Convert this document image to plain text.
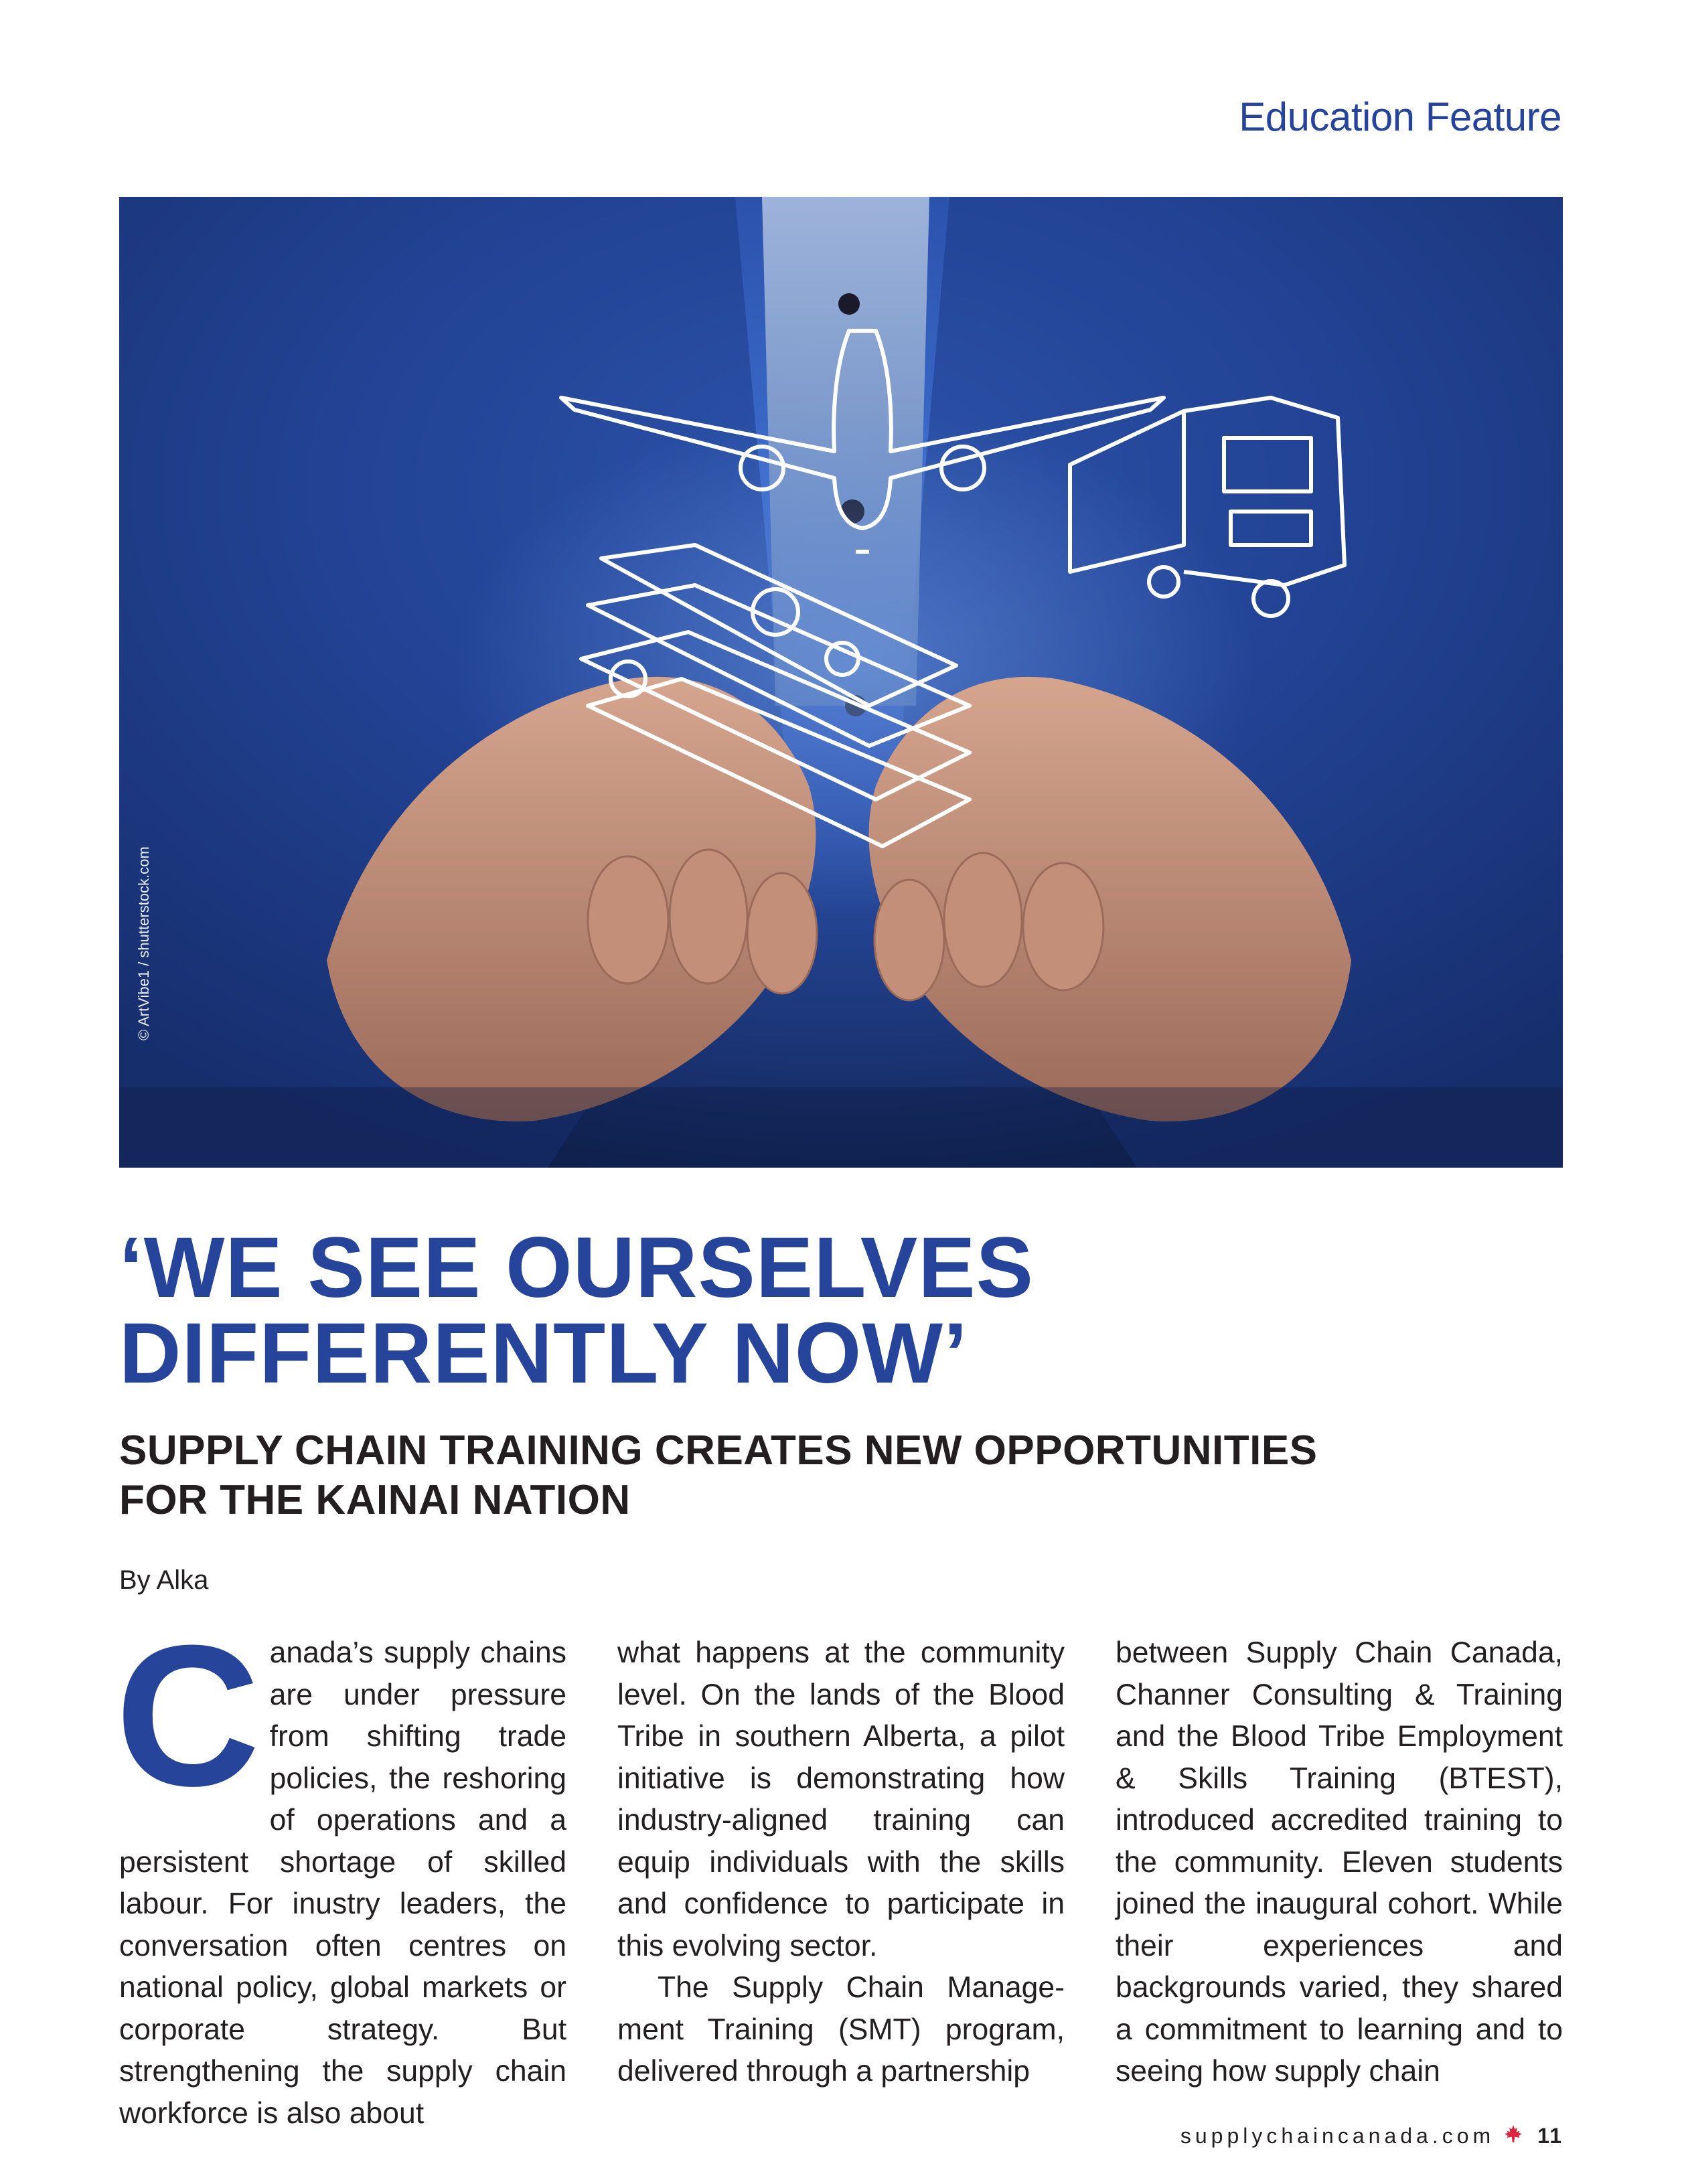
Education Feature
© ArtVibe1 / shutterstock.com
‘WE SEE OURSELVES
DIFFERENTLY NOW’
SUPPLY CHAIN TRAINING CREATES NEW OPPORTUNITIES
FOR THE KAINAI NATION
By Alka
C anada’s supply chains are under pressure from shifting trade policies, the reshoring of operations and a persistent shortage of skilled labour. For inustry leaders, the conversation often centres on national policy, global markets or corporate strategy. But strengthening the supply chain workforce is also about

what happens at the community level. On the lands of the Blood Tribe in southern Alberta, a pilot initiative is demonstrating how industry-aligned training can equip individuals with the skills and confidence to participate in this evolving sector.

The Supply Chain Management Training (SMT) program, delivered through a partnership

between Supply Chain Canada, Channer Consulting & Training and the Blood Tribe Employment & Skills Training (BTEST), introduced accredited training to the community. Eleven students joined the inaugural cohort. While their experiences and backgrounds varied, they shared a commitment to learning and to seeing how supply chain

supplychaincanada.com 11
